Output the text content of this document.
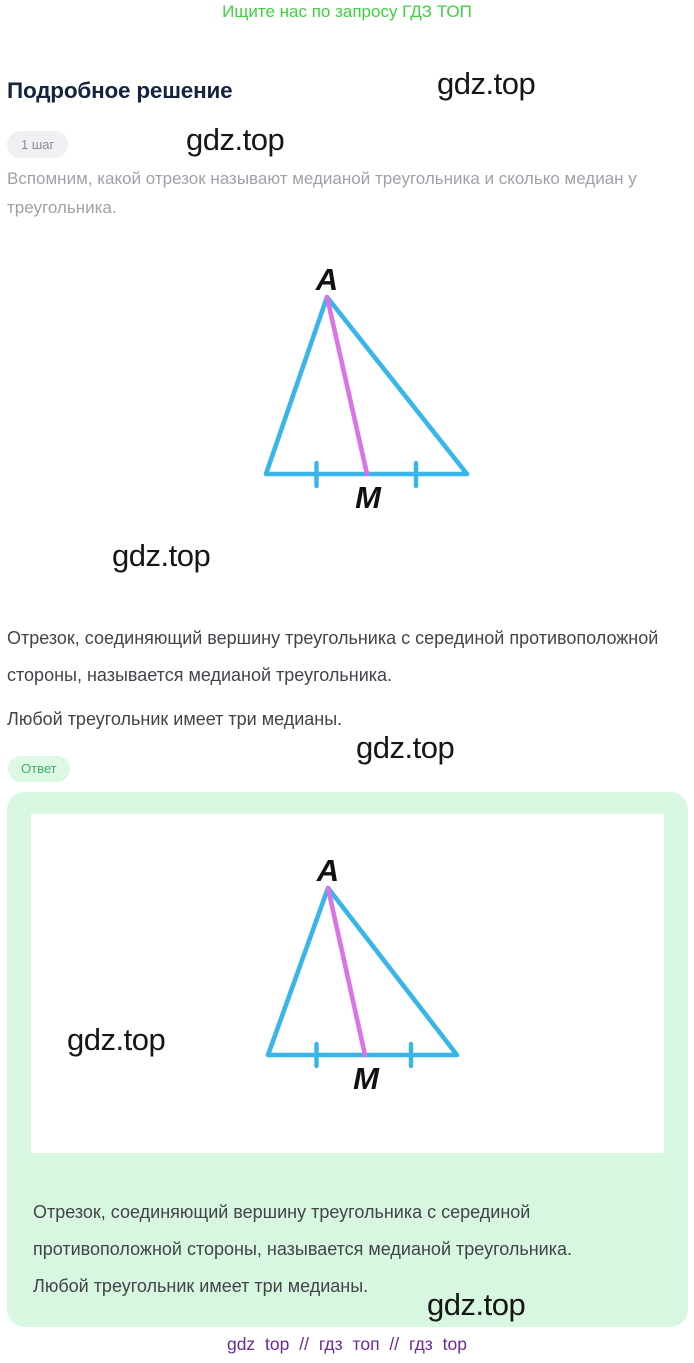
Ищите нас по запросу ГДЗ ТОП
gdz.top
Подробное решение
gdz.top
1 шаг
Вспомним, какой отрезок называют медианой треугольника и сколько медиан у
треугольника.
A
M
gdz.top
Отрезок, соединяющий вершину треугольника с серединой противоположной
стороны, называется медианой треугольника.
Любой треугольник имеет три медианы.
gdz.top
Ответ
A
M
gdz.top
Отрезок, соединяющий вершину треугольника с серединой
противоположной стороны, называется медианой треугольника.
Любой треугольник имеет три медианы.
gdz.top
gdz top // гдз топ // гдз top
